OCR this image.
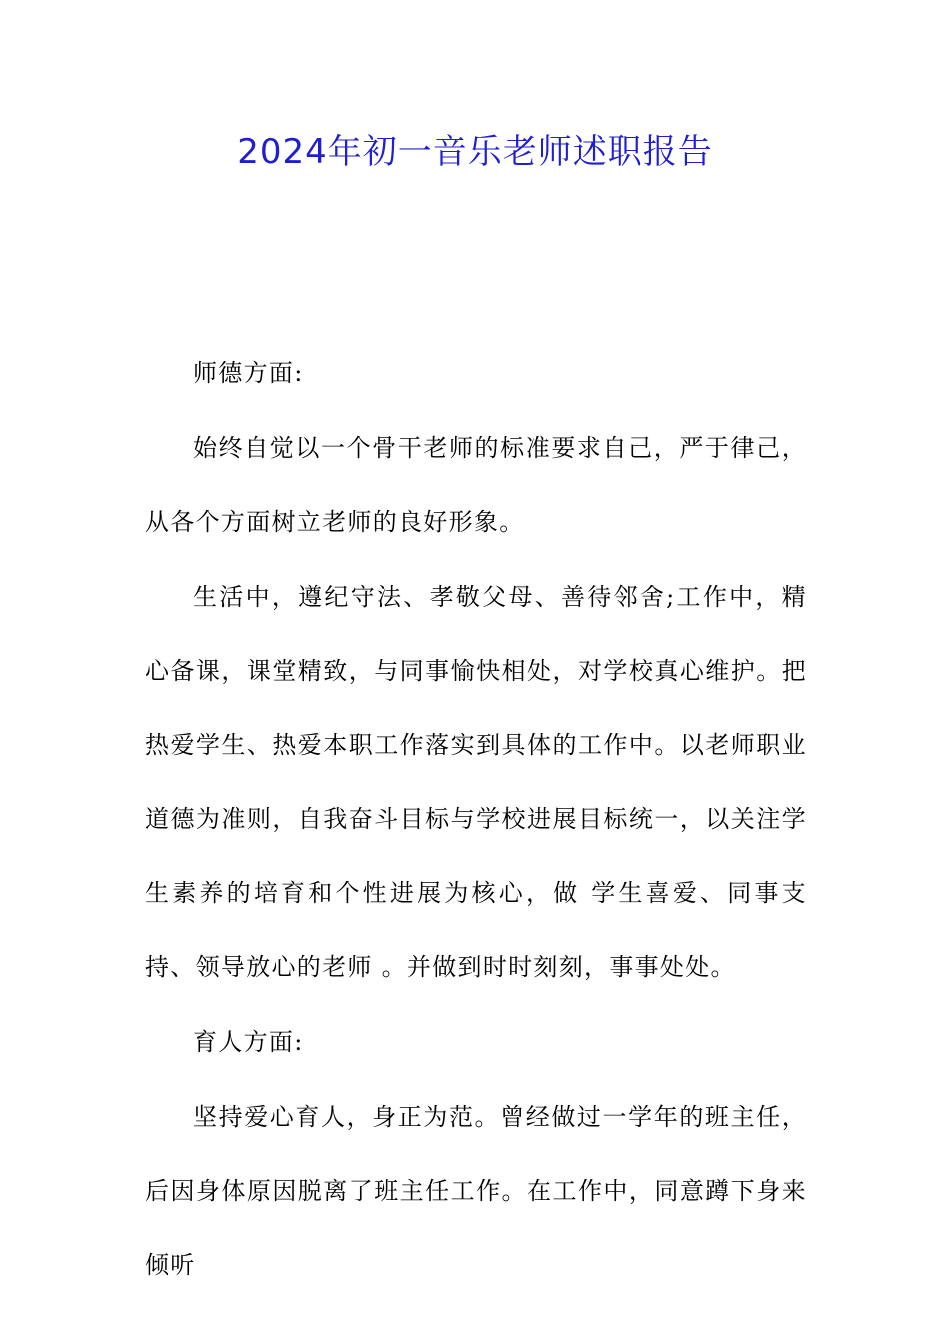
2024年初一音乐老师述职报告

师德方面:

始终自觉以一个骨干老师的标准要求自己，严于律己，从各个方面树立老师的良好形象。

生活中，遵纪守法、孝敬父母、善待邻舍;工作中，精心备课，课堂精致，与同事愉快相处，对学校真心维护。把热爱学生、热爱本职工作落实到具体的工作中。以老师职业道德为准则，自我奋斗目标与学校进展目标统一，以关注学生素养的培育和个性进展为核心，做 学生喜爱、同事支持、领导放心的老师 。并做到时时刻刻，事事处处。

育人方面:

坚持爱心育人，身正为范。曾经做过一学年的班主任，后因身体原因脱离了班主任工作。在工作中，同意蹲下身来倾听
